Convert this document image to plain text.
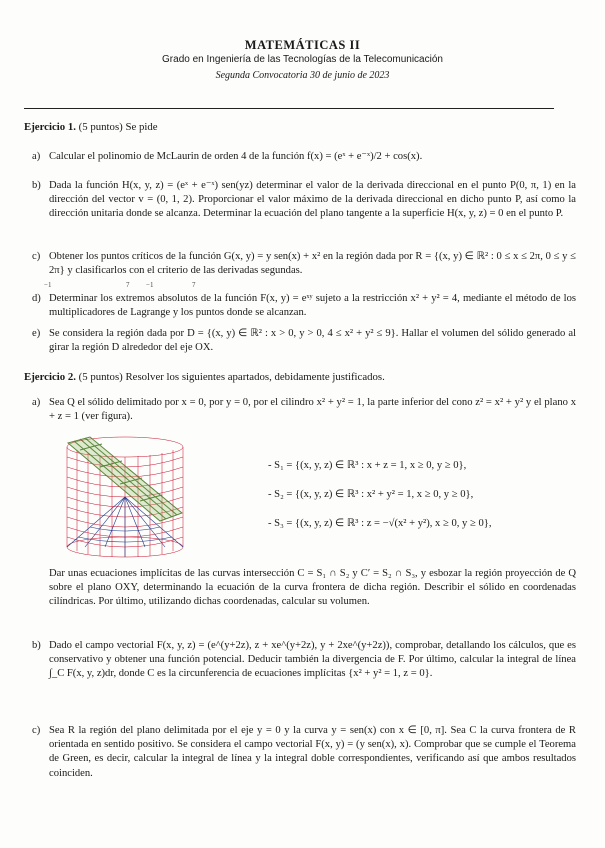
MATEMÁTICAS II
Grado en Ingeniería de las Tecnologías de la Telecomunicación
Segunda Convocatoria 30 de junio de 2023
Ejercicio 1. (5 puntos) Se pide
a) Calcular el polinomio de McLaurin de orden 4 de la función f(x) = (eˣ + e⁻ˣ)/2 + cos(x).

b) Dada la función H(x, y, z) = (eˣ + e⁻ˣ) sen(yz) determinar el valor de la derivada direccional en el punto P(0, π, 1) en la dirección del vector v = (0, 1, 2). Proporcionar el valor máximo de la derivada direccional en dicho punto P, así como la dirección unitaria donde se alcanza. Determinar la ecuación del plano tangente a la superficie H(x, y, z) = 0 en el punto P.

c) Obtener los puntos críticos de la función G(x, y) = y sen(x) + x² en la región dada por R = {(x, y) ∈ ℝ² : 0 ≤ x ≤ 2π, 0 ≤ y ≤ 2π} y clasificarlos con el criterio de las derivadas segundas.

−1	7 −1	7
d) Determinar los extremos absolutos de la función F(x, y) = eˣʸ sujeto a la restricción x² + y² = 4, mediante el método de los multiplicadores de Lagrange y los puntos donde se alcanzan.

e) Se considera la región dada por D = {(x, y) ∈ ℝ² : x > 0, y > 0, 4 ≤ x² + y² ≤ 9}. Hallar el volumen del sólido generado al girar la región D alrededor del eje OX.

Ejercicio 2. (5 puntos) Resolver los siguientes apartados, debidamente justificados.
a) Sea Q el sólido delimitado por x = 0, por y = 0, por el cilindro x² + y² = 1, la parte inferior del cono z² = x² + y² y el plano x + z = 1 (ver figura).

- S₁ = {(x, y, z) ∈ ℝ³ : x + z = 1, x ≥ 0, y ≥ 0},
- S₂ = {(x, y, z) ∈ ℝ³ : x² + y² = 1, x ≥ 0, y ≥ 0},
- S₃ = {(x, y, z) ∈ ℝ³ : z = −√(x² + y²), x ≥ 0, y ≥ 0},

Dar unas ecuaciones implícitas de las curvas intersección C = S₁ ∩ S₂ y C′ = S₂ ∩ S₃, y esbozar la región proyección de Q sobre el plano OXY, determinando la ecuación de la curva frontera de dicha región. Describir el sólido en coordenadas cilíndricas. Por último, utilizando dichas coordenadas, calcular su volumen.

b) Dado el campo vectorial F(x, y, z) = (e^(y+2z), z + xe^(y+2z), y + 2xe^(y+2z)), comprobar, detallando los cálculos, que es conservativo y obtener una función potencial. Deducir también la divergencia de F. Por último, calcular la integral de línea ∫_C F(x, y, z)dr, donde C es la circunferencia de ecuaciones implícitas {x² + y² = 1, z = 0}.

c) Sea R la región del plano delimitada por el eje y = 0 y la curva y = sen(x) con x ∈ [0, π]. Sea C la curva frontera de R orientada en sentido positivo. Se considera el campo vectorial F(x, y) = (y sen(x), x). Comprobar que se cumple el Teorema de Green, es decir, calcular la integral de línea y la integral doble correspondientes, verificando así que ambos resultados coinciden.
